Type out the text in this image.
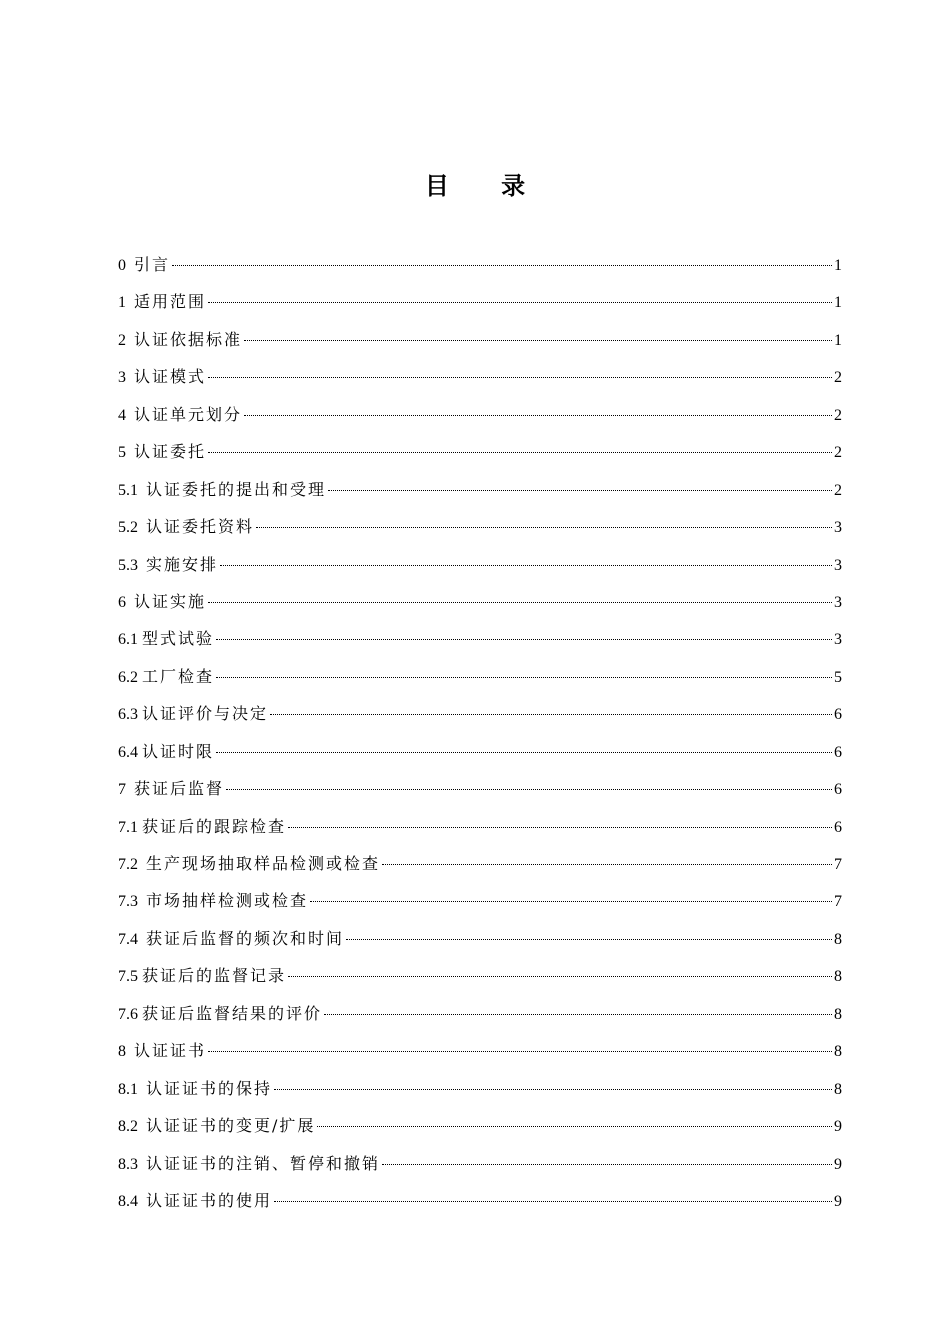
目 录
0 引言	1
1 适用范围	1
2 认证依据标准	1
3 认证模式	2
4 认证单元划分	2
5 认证委托	2
5.1 认证委托的提出和受理	2
5.2 认证委托资料	3
5.3 实施安排	3
6 认证实施	3
6.1 型式试验	3
6.2 工厂检查	5
6.3 认证评价与决定	6
6.4 认证时限	6
7 获证后监督	6
7.1 获证后的跟踪检查	6
7.2 生产现场抽取样品检测或检查	7
7.3 市场抽样检测或检查	7
7.4 获证后监督的频次和时间	8
7.5 获证后的监督记录	8
7.6 获证后监督结果的评价	8
8 认证证书	8
8.1 认证证书的保持	8
8.2 认证证书的变更/扩展	9
8.3 认证证书的注销、暂停和撤销	9
8.4 认证证书的使用	9
